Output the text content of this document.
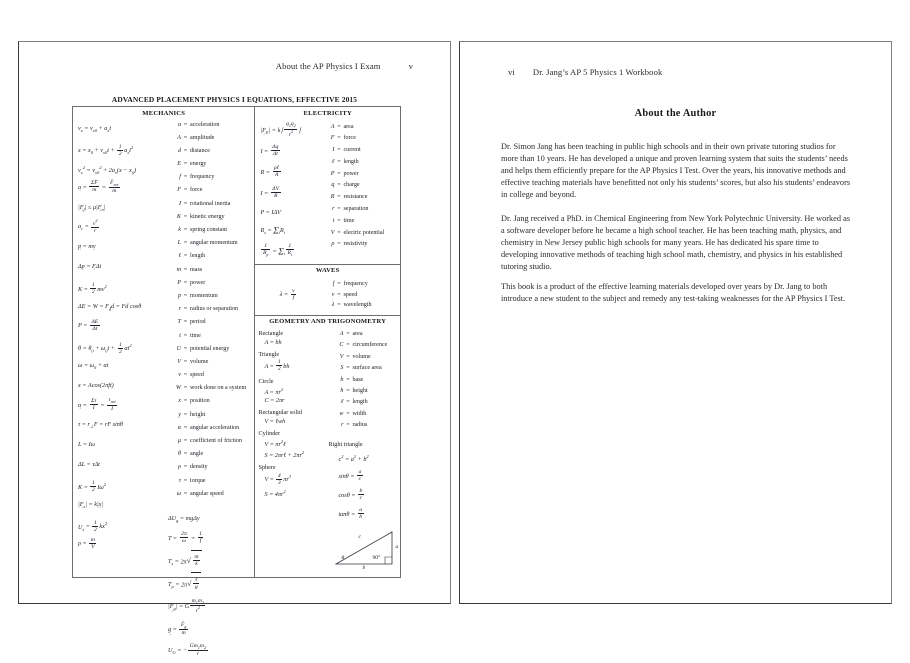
About the AP Physics I Exam	v
ADVANCED PLACEMENT PHYSICS I EQUATIONS, EFFECTIVE 2015
MECHANICS
$v_x = v_{x0} + a_xt$
$x = x_0 + v_{x0}t + \frac{1}{2} a_xt^2$
$v_x^2 = v_{x0}^2 + 2a_x(x - x_0)$
a → = $\frac{\Sigma F \to}{m} = \frac{F \to_{net}}{m}$
$|F \to_f| \le \mu|F \to_n|$
$a_c = \frac{v^2}{r}$
p → = mv →
Δp = F →Δt
$K = \frac{1}{2} mv^2$
$\Delta E = W = F_\parallel d = Fd$ cosθ
$P = \frac{\Delta E}{\Delta t}$
$\theta = \theta_0 + \omega_0t + \frac{1}{2} \alpha t^2$
$\omega = \omega_0 + \alpha t$
x = Acos(2πft)
α → = $\frac{\Sigma\tau}{I} = \frac{\tau_{net}}{I}$
$\tau = r_\perp F$ = rF sinθ
L = Iω
ΔL = τΔt
$K = \frac{1}{2} I\omega^2$
$|F \to_s| = k|x$ →|
$U_s = \frac{1}{2} kx^2$
$\rho = \frac{m}{V}$
a = acceleration
A = amplitude
d = distance
E = energy
f = frequency
F = force
I = rotational inertia
K = kinetic energy
k = spring constant
L = angular momentum
ℓ = length
m = mass
P = power
p = momentum
r = radius or separation
T = period
t = time
U = potential energy
V = volume
v = speed
W = work done on a system
x = position
y = height
α = angular acceleration
μ = coefficient of friction
θ = angle
ρ = density
τ = torque
ω = angular speed
$\Delta U_g = mg\Delta y$
$T = \frac{2\pi}{\omega} = \frac{1}{f}$
$T_s = 2\pi$ √ $\frac{m}{k}$
$T_p = 2\pi$ √ $\frac{\text{ℓ}}{g}$
$|F \to_g| = G \frac{m_1m_2}{r^2}$
g → = $\frac{F \to_g}{m}$
$U_G$ = − $\frac{Gm_1m_2}{r}$
ELECTRICITY
$|F \to_E|$ = k∣ $\frac{q_1q_2}{r^2}$ ∣
$I = \frac{\Delta q}{\Delta t}$
$R = \frac{\text{ρℓ}}{A}$
$I = \frac{\Delta V}{R}$
P = IΔV
$R_s = \Sigma_iR_i$
$\frac{1}{R_p} = \Sigma_i \frac{1}{R_i}$
A = area
F = force
I = current
ℓ = length
P = power
q = charge
R = resistance
r = separation
t = time
V = electric potential
ρ = resistivity
WAVES
$\lambda = \frac{v}{f}$
f = frequency
v = speed
λ = wavelength
GEOMETRY AND TRIGONOMETRY
Rectangle
A = bh
Triangle
$A = \frac{1}{2}$ bh
Circle
$A = \pi r^2$
C = 2πr
Rectangular solid
V = ℓwh
Cylinder
$V = \pi r^2\ell$
S = 2πrℓ + $2\pi r^2$
Sphere
$V = \frac{4}{3} \pi r^3$
$S = 4\pi r^2$
A = area
C = circumference
V = volume
S = surface area
b = base
h = height
ℓ = length
w = width
r = radius
Right triangle
$c^2 = a^2 + b^2$
$\sin\theta = \frac{a}{c}$
$\cos\theta = \frac{b}{c}$
$\tan\theta = \frac{a}{b}$
c
a
b
θ	90°
vi Dr. Jang’s AP 5 Physics 1 Workbook
About the Author

Dr. Simon Jang has been teaching in public high schools and in their own private tutoring studios for more than 10 years. He has developed a unique and proven learning system that suits the students’ needs and helps them efficiently prepare for the AP Physics I Test. Over the years, his innovative methods and effective teaching materials have benefitted not only his students’ scores, but also his students’ endeavors in college and beyond.

Dr. Jang received a PhD. in Chemical Engineering from New York Polytechnic University. He worked as a software developer before he became a high school teacher. He has been teaching math, physics, and chemistry in New Jersey public high schools for many years. He has dedicated his spare time to developing innovative methods of teaching high school math, chemistry, and physics in his established tutoring studio.

This book is a product of the effective learning materials developed over years by Dr. Jang to both introduce a new student to the subject and remedy any test-taking weaknesses for the AP Physics I Test.
